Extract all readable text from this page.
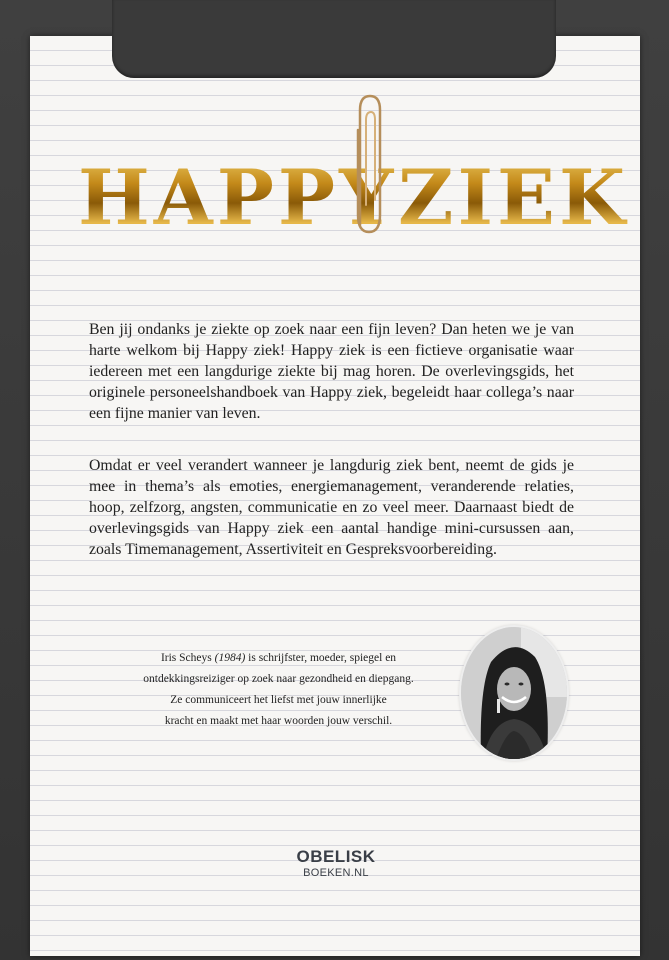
HAPPY ZIEK

Ben jij ondanks je ziekte op zoek naar een fijn leven? Dan heten we je van harte welkom bij Happy ziek! Happy ziek is een fictieve organisatie waar iedereen met een langdurige ziekte bij mag horen. De overlevingsgids, het originele personeelshandboek van Happy ziek, begeleidt haar collega’s naar een fijne manier van leven.

Omdat er veel verandert wanneer je langdurig ziek bent, neemt de gids je mee in thema’s als emoties, energiemanagement, veranderende relaties, hoop, zelfzorg, angsten, communicatie en zo veel meer. Daarnaast biedt de overlevingsgids van Happy ziek een aantal handige mini-cursussen aan, zoals Timemanagement, Assertiviteit en Gespreksvoorbereiding.

Iris Scheys (1984) is schrijfster, moeder, spiegel en
ontdekkingsreiziger op zoek naar gezondheid en diepgang.
Ze communiceert het liefst met jouw innerlijke
kracht en maakt met haar woorden jouw verschil.
OBELISK
BOEKEN.NL
